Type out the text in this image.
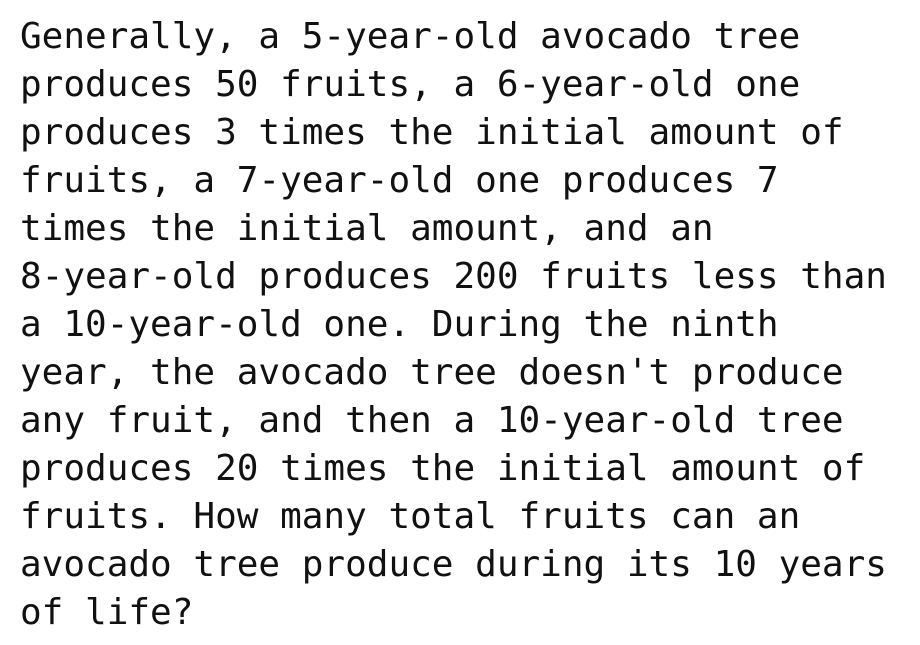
Generally, a 5-year-old avocado tree
produces 50 fruits, a 6-year-old one
produces 3 times the initial amount of
fruits, a 7-year-old one produces 7
times the initial amount, and an
8-year-old produces 200 fruits less than
a 10-year-old one. During the ninth
year, the avocado tree doesn't produce
any fruit, and then a 10-year-old tree
produces 20 times the initial amount of
fruits. How many total fruits can an
avocado tree produce during its 10 years
of life?
